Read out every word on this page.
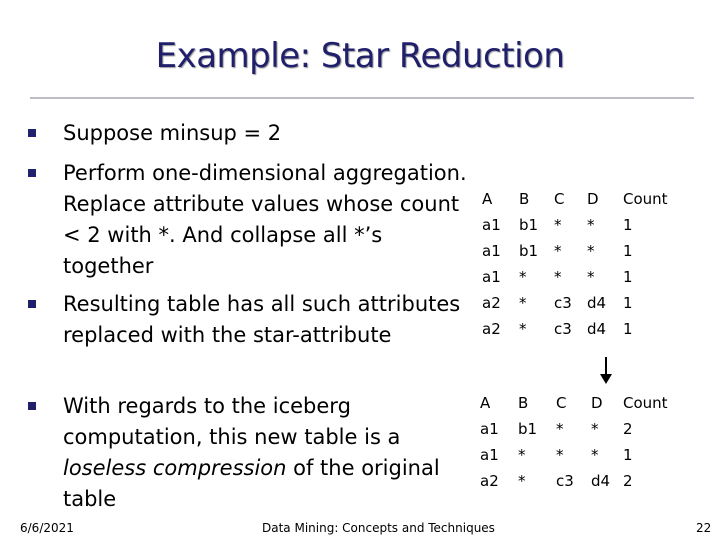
Example: Star Reduction
Suppose minsup = 2
Perform one-dimensional aggregation. Replace attribute values whose count < 2 with *. And collapse all *’s together
Resulting table has all such attributes replaced with the star-attribute
With regards to the iceberg computation, this new table is a loseless compression of the original table
A	B	C	D	Count
a1	b1	*	*	1
a1	b1	*	*	1
a1	*	*	*	1
a2	*	c3	d4	1
a2	*	c3	d4	1
A	B	C	D	Count
a1	b1	*	*	2
a1	*	*	*	1
a2	*	c3	d4	2
6/6/2021	Data Mining: Concepts and Techniques	22
